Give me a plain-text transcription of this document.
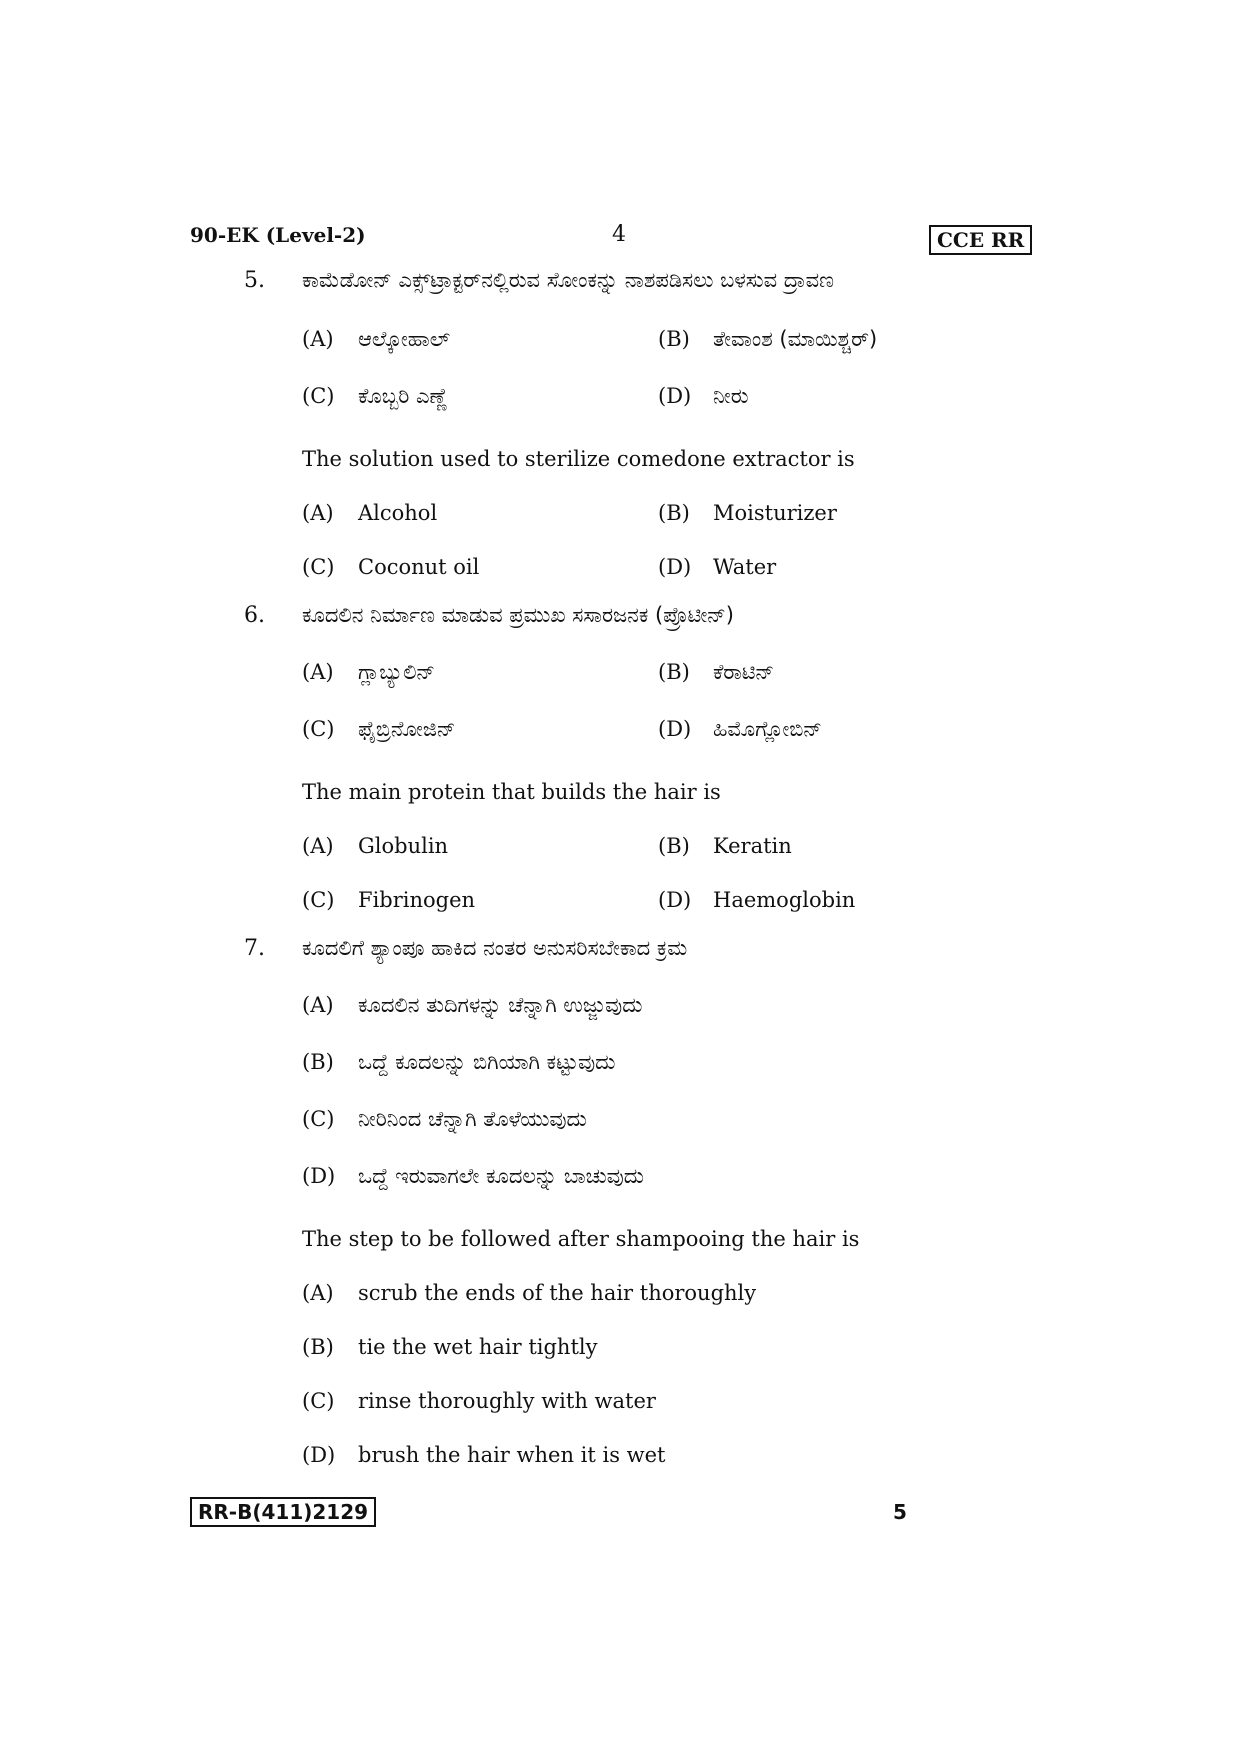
90-EK (Level-2)	4	CCE RR
5. ಕಾಮೆಡೋನ್ ಎಕ್ಸ್‌ಟ್ರಾಕ್ಟರ್‌ನಲ್ಲಿರುವ ಸೋಂಕನ್ನು ನಾಶಪಡಿಸಲು ಬಳಸುವ ದ್ರಾವಣ
(A) ಆಲ್ಕೋಹಾಲ್	(B) ತೇವಾಂಶ (ಮಾಯಿಶ್ಚರ್)
(C) ಕೊಬ್ಬರಿ ಎಣ್ಣೆ	(D) ನೀರು
The solution used to sterilize comedone extractor is
(A) Alcohol	(B) Moisturizer
(C) Coconut oil	(D) Water
6. ಕೂದಲಿನ ನಿರ್ಮಾಣ ಮಾಡುವ ಪ್ರಮುಖ ಸಸಾರಜನಕ (ಪ್ರೊಟೀನ್)
(A) ಗ್ಲಾಬ್ಯುಲಿನ್	(B) ಕೆರಾಟಿನ್
(C) ಫೈಬ್ರಿನೋಜಿನ್	(D) ಹಿಮೊಗ್ಲೋಬಿನ್
The main protein that builds the hair is
(A) Globulin	(B) Keratin
(C) Fibrinogen	(D) Haemoglobin
7. ಕೂದಲಿಗೆ ಶ್ಯಾಂಪೂ ಹಾಕಿದ ನಂತರ ಅನುಸರಿಸಬೇಕಾದ ಕ್ರಮ
(A) ಕೂದಲಿನ ತುದಿಗಳನ್ನು ಚೆನ್ನಾಗಿ ಉಜ್ಜುವುದು
(B) ಒದ್ದೆ ಕೂದಲನ್ನು ಬಿಗಿಯಾಗಿ ಕಟ್ಟುವುದು
(C) ನೀರಿನಿಂದ ಚೆನ್ನಾಗಿ ತೊಳೆಯುವುದು
(D) ಒದ್ದೆ ಇರುವಾಗಲೇ ಕೂದಲನ್ನು ಬಾಚುವುದು
The step to be followed after shampooing the hair is
(A) scrub the ends of the hair thoroughly
(B) tie the wet hair tightly
(C) rinse thoroughly with water
(D) brush the hair when it is wet
RR-B(411)2129	5
